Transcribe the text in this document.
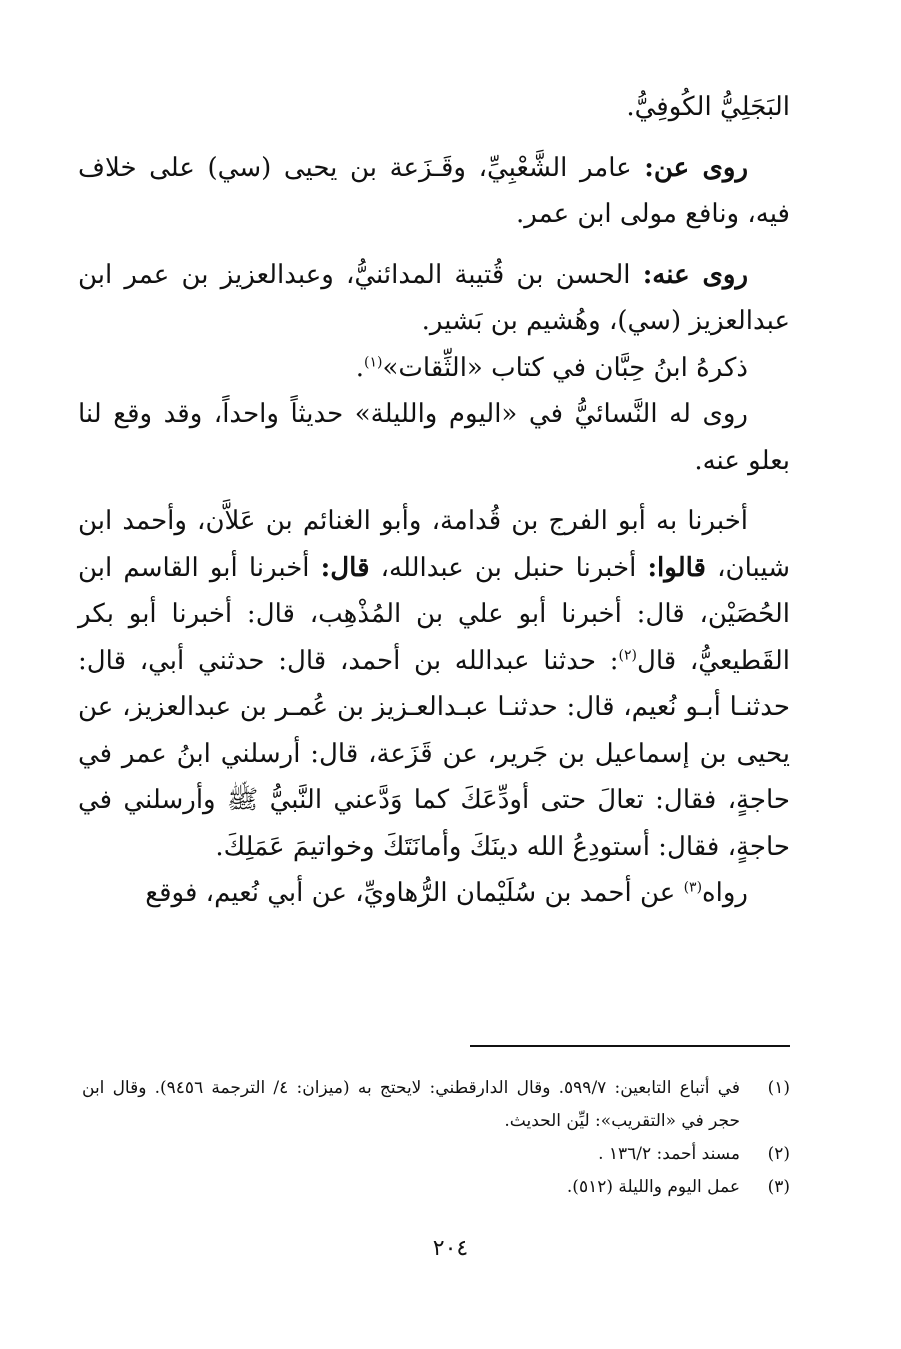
البَجَلِيُّ الكُوفِيُّ.

روى عن: عامر الشَّعْبِيِّ، وقَـزَعة بن يحيى (سي) على خلاف فيه، ونافع مولى ابن عمر.

روى عنه: الحسن بن قُتيبة المدائنيُّ، وعبدالعزيز بن عمر ابن عبدالعزيز (سي)، وهُشيم بن بَشير.

ذكرهُ ابنُ حِبَّان في كتاب «الثِّقات»$^{(١)}$.

روى له النَّسائيُّ في «اليوم والليلة» حديثاً واحداً، وقد وقع لنا بعلو عنه.

أخبرنا به أبو الفرج بن قُدامة، وأبو الغنائم بن عَلاَّن، وأحمد ابن شيبان، قالوا: أخبرنا حنبل بن عبدالله، قال: أخبرنا أبو القاسم ابن الحُصَيْن، قال: أخبرنا أبو علي بن المُذْهِب، قال: أخبرنا أبو بكر القَطيعيُّ، قال$^{(٢)}$: حدثنا عبدالله بن أحمد، قال: حدثني أبي، قال: حدثنـا أبـو نُعيم، قال: حدثنـا عبـدالعـزيز بن عُمـر بن عبدالعزيز، عن يحيى بن إسماعيل بن جَرير، عن قَزَعة، قال: أرسلني ابنُ عمر في حاجةٍ، فقال: تعالَ حتى أودِّعَكَ كما وَدَّعني النَّبيُّ ﷺ وأرسلني في حاجةٍ، فقال: أستودِعُ الله دينَكَ وأمانَتَكَ وخواتيمَ عَمَلِكَ.

رواه$^{(٣)}$ عن أحمد بن سُلَيْمان الرُّهاويِّ، عن أبي نُعيم، فوقع

(١)
في أتباع التابعين: ٥٩٩/٧. وقال الدارقطني: لايحتج به (ميزان: ٤/ الترجمة ٩٤٥٦). وقال ابن حجر في «التقريب»: ليِّن الحديث.
(٢)
مسند أحمد: ١٣٦/٢ .
(٣)
عمل اليوم والليلة (٥١٢).
٢٠٤
